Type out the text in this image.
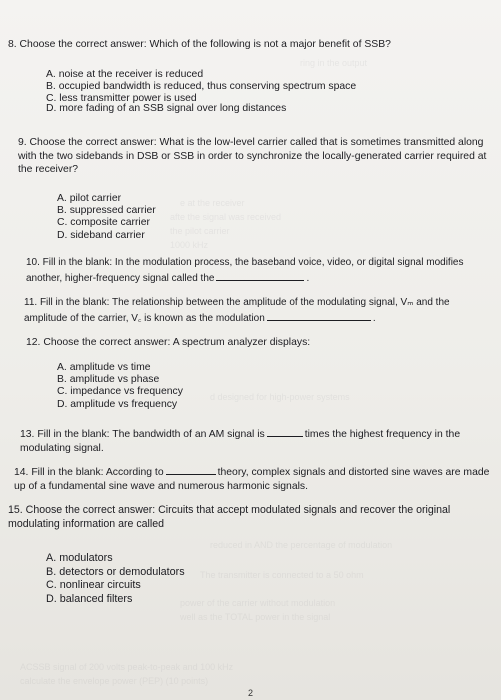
ring in the output
e at the receiver
afte the signal was received
the pilot carrier
1000 kHz
d designed for high-power systems
reduced in AND the percentage of modulation
The transmitter is connected to a 50 ohm
power of the carrier without modulation
well as the TOTAL power in the signal
ACSSB signal of 200 volts peak-to-peak and 100 kHz
calculate the envelope power (PEP) (10 points)
8. Choose the correct answer: Which of the following is not a major benefit of SSB?
A. noise at the receiver is reduced
B. occupied bandwidth is reduced, thus conserving spectrum space
C. less transmitter power is used
D. more fading of an SSB signal over long distances
9. Choose the correct answer: What is the low-level carrier called that is sometimes transmitted along with the two sidebands in DSB or SSB in order to synchronize the locally-generated carrier required at the receiver?
A. pilot carrier
B. suppressed carrier
C. composite carrier
D. sideband carrier
10. Fill in the blank: In the modulation process, the baseband voice, video, or digital signal modifies another, higher-frequency signal called the	.
11. Fill in the blank: The relationship between the amplitude of the modulating signal, Vₘ and the amplitude of the carrier, V꜀ is known as the modulation	.
12. Choose the correct answer: A spectrum analyzer displays:
A. amplitude vs time
B. amplitude vs phase
C. impedance vs frequency
D. amplitude vs frequency
13. Fill in the blank: The bandwidth of an AM signal is	times the highest frequency in the modulating signal.
14. Fill in the blank: According to	theory, complex signals and distorted sine waves are made up of a fundamental sine wave and numerous harmonic signals.
15. Choose the correct answer: Circuits that accept modulated signals and recover the original modulating information are called
A. modulators
B. detectors or demodulators
C. nonlinear circuits
D. balanced filters
2
